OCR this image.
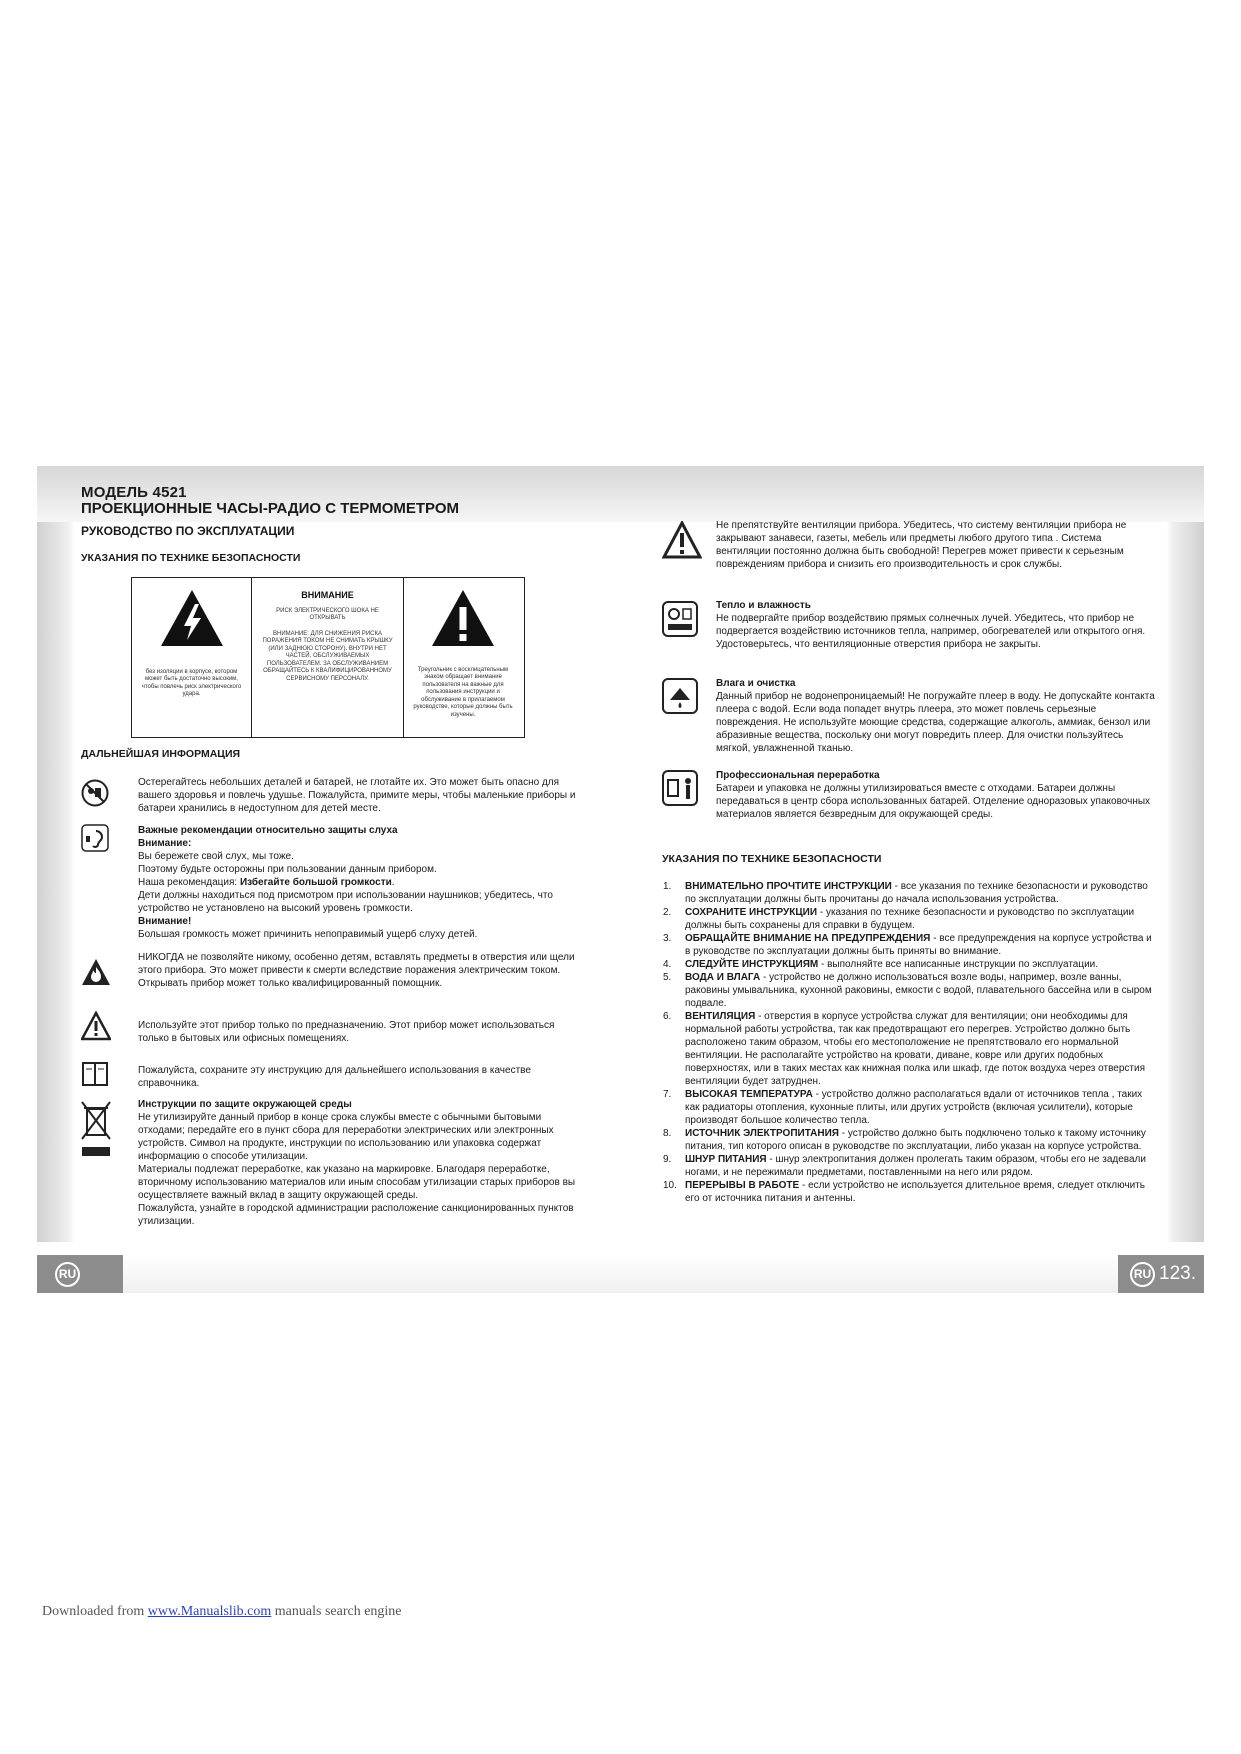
RU	RU 123.
МОДЕЛЬ 4521
ПРОЕКЦИОННЫЕ ЧАСЫ-РАДИО С ТЕРМОМЕТРОМ
РУКОВОДСТВО ПО ЭКСПЛУАТАЦИИ
УКАЗАНИЯ ПО ТЕХНИКЕ БЕЗОПАСНОСТИ

без изоляции в корпусе, котором может быть достаточно высоким, чтобы повлечь риск электрического удара.

ВНИМАНИЕ

РИСК ЭЛЕКТРИЧЕСКОГО ШОКА НЕ ОТКРЫВАТЬ

ВНИМАНИЕ: ДЛЯ СНИЖЕНИЯ РИСКА ПОРАЖЕНИЯ ТОКОМ НЕ СНИМАТЬ КРЫШКУ (ИЛИ ЗАДНЮЮ СТОРОНУ). ВНУТРИ НЕТ ЧАСТЕЙ, ОБСЛУЖИВАЕМЫХ ПОЛЬЗОВАТЕЛЕМ. ЗА ОБСЛУЖИВАНИЕМ ОБРАЩАЙТЕСЬ К КВАЛИФИЦИРОВАННОМУ СЕРВИСНОМУ ПЕРСОНАЛУ.

Треугольник с восклицательным знаком обращает внимание пользователя на важные для пользования инструкции и обслуживание в прилагаемом руководстве, которые должны быть изучены.

ДАЛЬНЕЙШАЯ ИНФОРМАЦИЯ
Остерегайтесь небольших деталей и батарей, не глотайте их. Это может быть опасно для вашего здоровья и повлечь удушье. Пожалуйста, примите меры, чтобы маленькие приборы и батареи хранились в недоступном для детей месте.
Важные рекомендации относительно защиты слуха
Внимание:
Вы бережете свой слух, мы тоже.
Поэтому будьте осторожны при пользовании данным прибором.
Наша рекомендация: Избегайте большой громкости.
Дети должны находиться под присмотром при использовании наушников; убедитесь, что устройство не установлено на высокий уровень громкости.
Внимание!
Большая громкость может причинить непоправимый ущерб слуху детей.
НИКОГДА не позволяйте никому, особенно детям, вставлять предметы в отверстия или щели этого прибора. Это может привести к смерти вследствие поражения электрическим током. Открывать прибор может только квалифицированный помощник.
Используйте этот прибор только по предназначению. Этот прибор может использоваться только в бытовых или офисных помещениях.
Пожалуйста, сохраните эту инструкцию для дальнейшего использования в качестве справочника.
Инструкции по защите окружающей среды
Не утилизируйте данный прибор в конце срока службы вместе с обычными бытовыми отходами; передайте его в пункт сбора для переработки электрических или электронных устройств. Символ на продукте, инструкции по использованию или упаковка содержат информацию о способе утилизации.
Материалы подлежат переработке, как указано на маркировке. Благодаря переработке, вторичному использованию материалов или иным способам утилизации старых приборов вы осуществляете важный вклад в защиту окружающей среды.
Пожалуйста, узнайте в городской администрации расположение санкционированных пунктов утилизации.
Не препятствуйте вентиляции прибора. Убедитесь, что систему вентиляции прибора не закрывают занавеси, газеты, мебель или предметы любого другого типа . Система вентиляции постоянно должна быть свободной! Перегрев может привести к серьезным повреждениям прибора и снизить его производительность и срок службы.
Тепло и влажность
Не подвергайте прибор воздействию прямых солнечных лучей. Убедитесь, что прибор не подвергается воздействию источников тепла, например, обогревателей или открытого огня. Удостоверьтесь, что вентиляционные отверстия прибора не закрыты.
Влага и очистка
Данный прибор не водонепроницаемый! Не погружайте плеер в воду. Не допускайте контакта плеера с водой. Если вода попадет внутрь плеера, это может повлечь серьезные повреждения. Не используйте моющие средства, содержащие алкоголь, аммиак, бензол или абразивные вещества, поскольку они могут повредить плеер. Для очистки пользуйтесь мягкой, увлажненной тканью.
Профессиональная переработка
Батареи и упаковка не должны утилизироваться вместе с отходами. Батареи должны передаваться в центр сбора использованных батарей. Отделение одноразовых упаковочных материалов является безвредным для окружающей среды.
УКАЗАНИЯ ПО ТЕХНИКЕ БЕЗОПАСНОСТИ
1. ВНИМАТЕЛЬНО ПРОЧТИТЕ ИНСТРУКЦИИ - все указания по технике безопасности и руководство по эксплуатации должны быть прочитаны до начала использования устройства.
2. СОХРАНИТЕ ИНСТРУКЦИИ - указания по технике безопасности и руководство по эксплуатации должны быть сохранены для справки в будущем.
3. ОБРАЩАЙТЕ ВНИМАНИЕ НА ПРЕДУПРЕЖДЕНИЯ - все предупреждения на корпусе устройства и в руководстве по эксплуатации должны быть приняты во внимание.
4. СЛЕДУЙТЕ ИНСТРУКЦИЯМ - выполняйте все написанные инструкции по эксплуатации.
5. ВОДА И ВЛАГА - устройство не должно использоваться возле воды, например, возле ванны, раковины умывальника, кухонной раковины, емкости с водой, плавательного бассейна или в сыром подвале.
6. ВЕНТИЛЯЦИЯ - отверстия в корпусе устройства служат для вентиляции; они необходимы для нормальной работы устройства, так как предотвращают его перегрев. Устройство должно быть расположено таким образом, чтобы его местоположение не препятствовало его нормальной вентиляции. Не располагайте устройство на кровати, диване, ковре или других подобных поверхностях, или в таких местах как книжная полка или шкаф, где поток воздуха через отверстия вентиляции будет затруднен.
7. ВЫСОКАЯ ТЕМПЕРАТУРА - устройство должно располагаться вдали от источников тепла , таких как радиаторы отопления, кухонные плиты, или других устройств (включая усилители), которые производят большое количество тепла.
8. ИСТОЧНИК ЭЛЕКТРОПИТАНИЯ - устройство должно быть подключено только к такому источнику питания, тип которого описан в руководстве по эксплуатации, либо указан на корпусе устройства.
9. ШНУР ПИТАНИЯ - шнур электропитания должен пролегать таким образом, чтобы его не задевали ногами, и не пережимали предметами, поставленными на него или рядом.
10. ПЕРЕРЫВЫ В РАБОТЕ - если устройство не используется длительное время, следует отключить его от источника питания и антенны.
Downloaded from www.Manualslib.com manuals search engine
